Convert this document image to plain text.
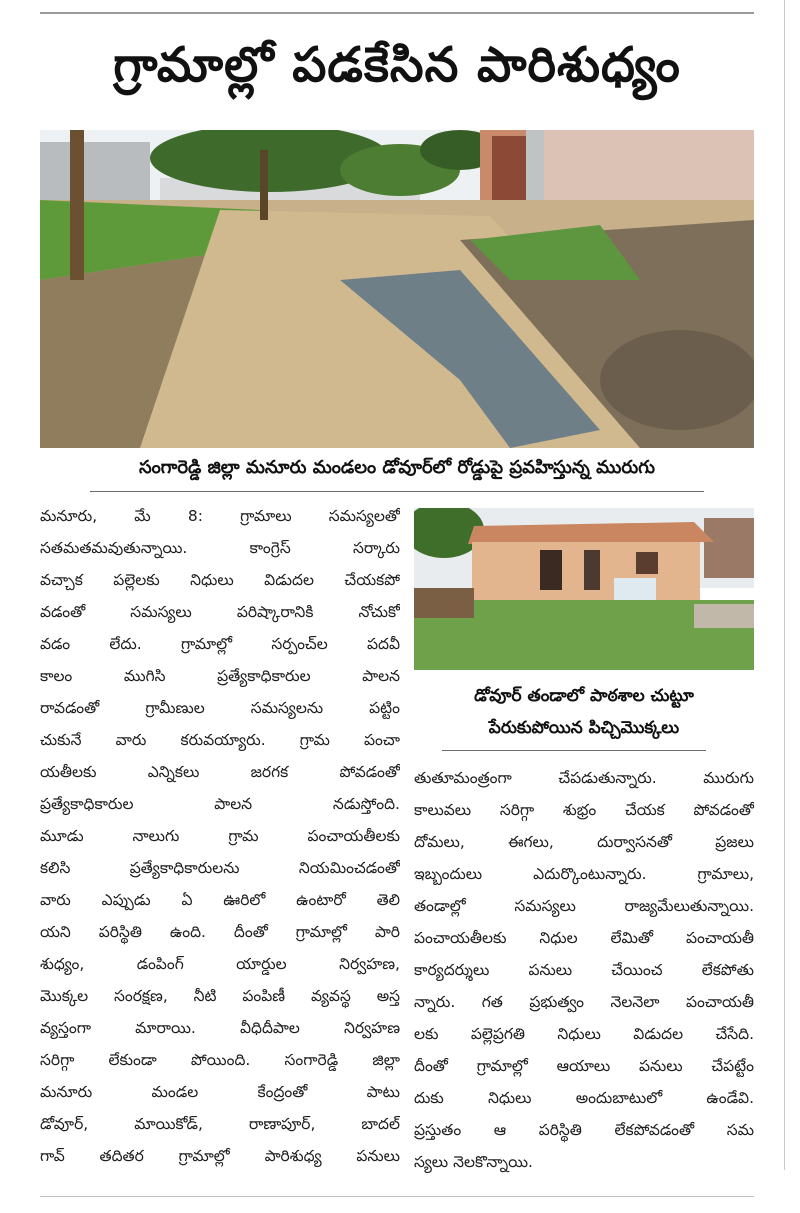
గ్రామాల్లో పడకేసిన పారిశుధ్యం
సంగారెడ్డి జిల్లా మనూరు మండలం డోవూర్‌లో రోడ్డుపై ప్రవహిస్తున్న మురుగు
మనూరు, మే 8: గ్రామాలు సమస్యలతో
సతమతమవుతున్నాయి. కాంగ్రెస్ సర్కారు
వచ్చాక పల్లెలకు నిధులు విడుదల చేయకపో
వడంతో సమస్యలు పరిష్కారానికి నోచుకో
వడం లేదు. గ్రామాల్లో సర్పంచ్‌ల పదవీ
కాలం ముగిసి ప్రత్యేకాధికారుల పాలన
రావడంతో గ్రామీణుల సమస్యలను పట్టిం
చుకునే వారు కరువయ్యారు. గ్రామ పంచా
యతీలకు ఎన్నికలు జరగక పోవడంతో
ప్రత్యేకాధికారుల పాలన నడుస్తోంది.
మూడు నాలుగు గ్రామ పంచాయతీలకు
కలిసి ప్రత్యేకాధికారులను నియమించడంతో
వారు ఎప్పుడు ఏ ఊరిలో ఉంటారో తెలి
యని పరిస్థితి ఉంది. దీంతో గ్రామాల్లో పారి
శుధ్యం, డంపింగ్ యార్డుల నిర్వహణ,
మొక్కల సంరక్షణ, నీటి పంపిణీ వ్యవస్థ అస్త
వ్యస్తంగా మారాయి. వీధిదీపాల నిర్వహణ
సరిగ్గా లేకుండా పోయింది. సంగారెడ్డి జిల్లా
మనూరు మండల కేంద్రంతో పాటు
డోవూర్, మాయికోడ్, రాణాపూర్, బాదల్
గావ్ తదితర గ్రామాల్లో పారిశుధ్య పనులు
డోవూర్ తండాలో పాఠశాల చుట్టూ
పేరుకుపోయిన పిచ్చిమొక్కలు
తుతూమంత్రంగా చేపడుతున్నారు. మురుగు
కాలువలు సరిగ్గా శుభ్రం చేయక పోవడంతో
దోమలు, ఈగలు, దుర్వాసనతో ప్రజలు
ఇబ్బందులు ఎదుర్కొంటున్నారు. గ్రామాలు,
తండాల్లో సమస్యలు రాజ్యమేలుతున్నాయి.
పంచాయతీలకు నిధుల లేమితో పంచాయతీ
కార్యదర్శులు పనులు చేయించ లేకపోతు
న్నారు. గత ప్రభుత్వం నెలనెలా పంచాయతీ
లకు పల్లెప్రగతి నిధులు విడుదల చేసేది.
దీంతో గ్రామాల్లో ఆయాలు పనులు చేపట్టేం
దుకు నిధులు అందుబాటులో ఉండేవి.
ప్రస్తుతం ఆ పరిస్థితి లేకపోవడంతో సమ
స్యలు నెలకొన్నాయి.
